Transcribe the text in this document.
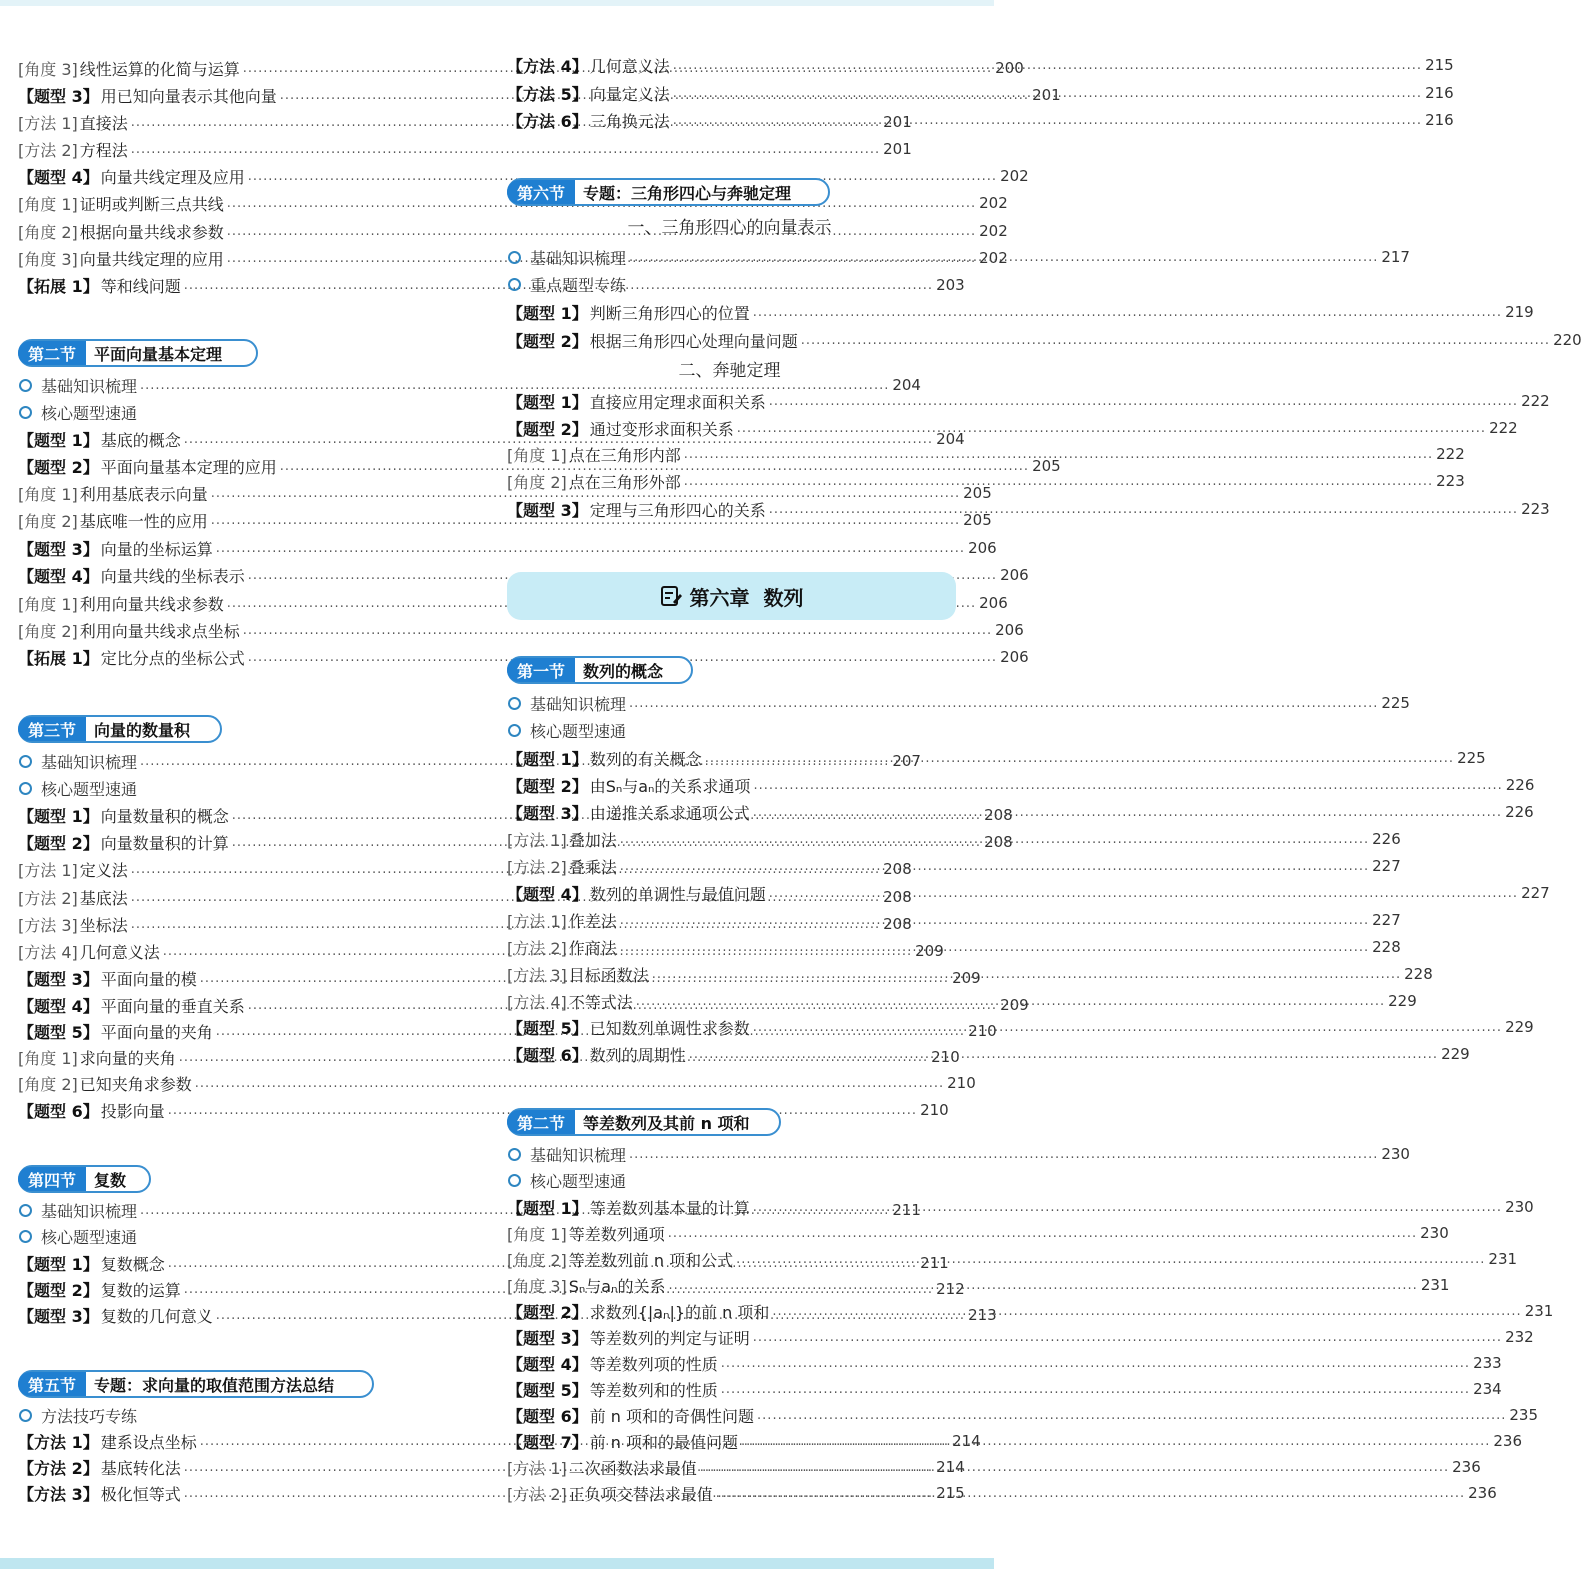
[角度 3] 线性运算的化简与运算 .....	200
【题型 3】 用已知向量表示其他向量 .....	201
[方法 1] 直接法 .....	201
[方法 2] 方程法 .....	201
【题型 4】 向量共线定理及应用 .....	202
[角度 1] 证明或判断三点共线 .....	202
[角度 2] 根据向量共线求参数 .....	202
[角度 3] 向量共线定理的应用 .....	202
【拓展 1】 等和线问题 .....	203
第二节	平面向量基本定理
基础知识梳理 .....	204
核心题型速通
【题型 1】 基底的概念 .....	204
【题型 2】 平面向量基本定理的应用 .....	205
[角度 1] 利用基底表示向量 .....	205
[角度 2] 基底唯一性的应用 .....	205
【题型 3】 向量的坐标运算 .....	206
【题型 4】 向量共线的坐标表示 .....	206
[角度 1] 利用向量共线求参数 .....	206
[角度 2] 利用向量共线求点坐标 .....	206
【拓展 1】 定比分点的坐标公式 .....	206
第三节	向量的数量积
基础知识梳理 .....	207
核心题型速通
【题型 1】 向量数量积的概念 .....	208
【题型 2】 向量数量积的计算 .....	208
[方法 1] 定义法 .....	208
[方法 2] 基底法 .....	208
[方法 3] 坐标法 .....	208
[方法 4] 几何意义法 .....	209
【题型 3】 平面向量的模 .....	209
【题型 4】 平面向量的垂直关系 .....	209
【题型 5】 平面向量的夹角 .....	210
[角度 1] 求向量的夹角 .....	210
[角度 2] 已知夹角求参数 .....	210
【题型 6】 投影向量 .....	210
第四节	复数
基础知识梳理 .....	211
核心题型速通
【题型 1】 复数概念 .....	211
【题型 2】 复数的运算 .....	212
【题型 3】 复数的几何意义 .....	213
第五节	专题：求向量的取值范围方法总结
方法技巧专练
【方法 1】 建系设点坐标 .....	214
【方法 2】 基底转化法 .....	214
【方法 3】 极化恒等式 .....	215
【方法 4】 几何意义法 .....	215
【方法 5】 向量定义法 .....	216
【方法 6】 三角换元法 .....	216
第六节	专题：三角形四心与奔驰定理
一、三角形四心的向量表示
基础知识梳理 .....	217
重点题型专练
【题型 1】 判断三角形四心的位置 .....	219
【题型 2】 根据三角形四心处理向量问题 .....	220
二、奔驰定理
【题型 1】 直接应用定理求面积关系 .....	222
【题型 2】 通过变形求面积关系 .....	222
[角度 1] 点在三角形内部 .....	222
[角度 2] 点在三角形外部 .....	223
【题型 3】 定理与三角形四心的关系 .....	223
第六章  数列
第一节	数列的概念
基础知识梳理 .....	225
核心题型速通
【题型 1】 数列的有关概念 .....	225
【题型 2】 由Sₙ与aₙ的关系求通项 .....	226
【题型 3】 由递推关系求通项公式 .....	226
[方法 1] 叠加法 .....	226
[方法 2] 叠乘法 .....	227
【题型 4】 数列的单调性与最值问题 .....	227
[方法 1] 作差法 .....	227
[方法 2] 作商法 .....	228
[方法 3] 目标函数法 .....	228
[方法 4] 不等式法 .....	229
【题型 5】 已知数列单调性求参数 .....	229
【题型 6】 数列的周期性 .....	229
第二节	等差数列及其前 n 项和
基础知识梳理 .....	230
核心题型速通
【题型 1】 等差数列基本量的计算 .....	230
[角度 1] 等差数列通项 .....	230
[角度 2] 等差数列前 n 项和公式 .....	231
[角度 3] Sₙ与aₙ的关系 .....	231
【题型 2】 求数列{|aₙ|}的前 n 项和 .....	231
【题型 3】 等差数列的判定与证明 .....	232
【题型 4】 等差数列项的性质 .....	233
【题型 5】 等差数列和的性质 .....	234
【题型 6】 前 n 项和的奇偶性问题 .....	235
【题型 7】 前 n 项和的最值问题 .....	236
[方法 1] 二次函数法求最值 .....	236
[方法 2] 正负项交替法求最值 .....	236
